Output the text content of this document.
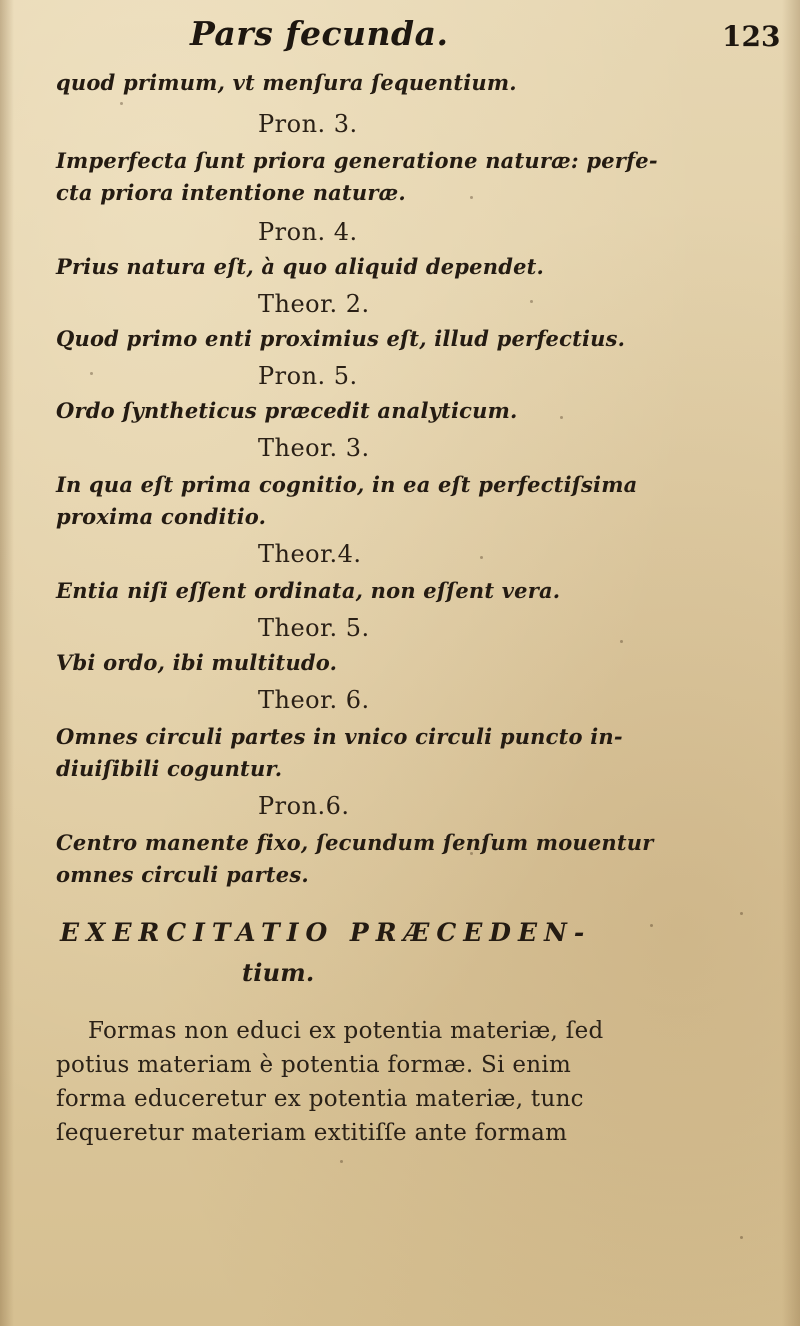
Pars fecunda.	123
quod primum, vt menſura ſequentium.
Pron. 3.
Imperfecta ſunt priora generatione naturæ: perfe-
cta priora intentione naturæ.
Pron. 4.
Prius natura eſt, à quo aliquid dependet.
Theor. 2.
Quod primo enti proximius eſt, illud perfectius.
Pron. 5.
Ordo ſyntheticus præcedit analyticum.
Theor. 3.
In qua eſt prima cognitio, in ea eſt perfectiſsima
proxima conditio.
Theor.4.
Entia niſi eſſent ordinata, non eſſent vera.
Theor. 5.
Vbi ordo, ibi multitudo.
Theor. 6.
Omnes circuli partes in vnico circuli puncto in-
diuiſibili coguntur.
Pron.6.
Centro manente fixo, ſecundum ſenſum mouentur
omnes circuli partes.
EXERCITATIO PRÆCEDEN-
tium.
Formas non educi ex potentia materiæ, ſed
potius materiam è potentia formæ. Si enim
forma educeretur ex potentia materiæ, tunc
ſequeretur materiam extitiſſe ante formam
